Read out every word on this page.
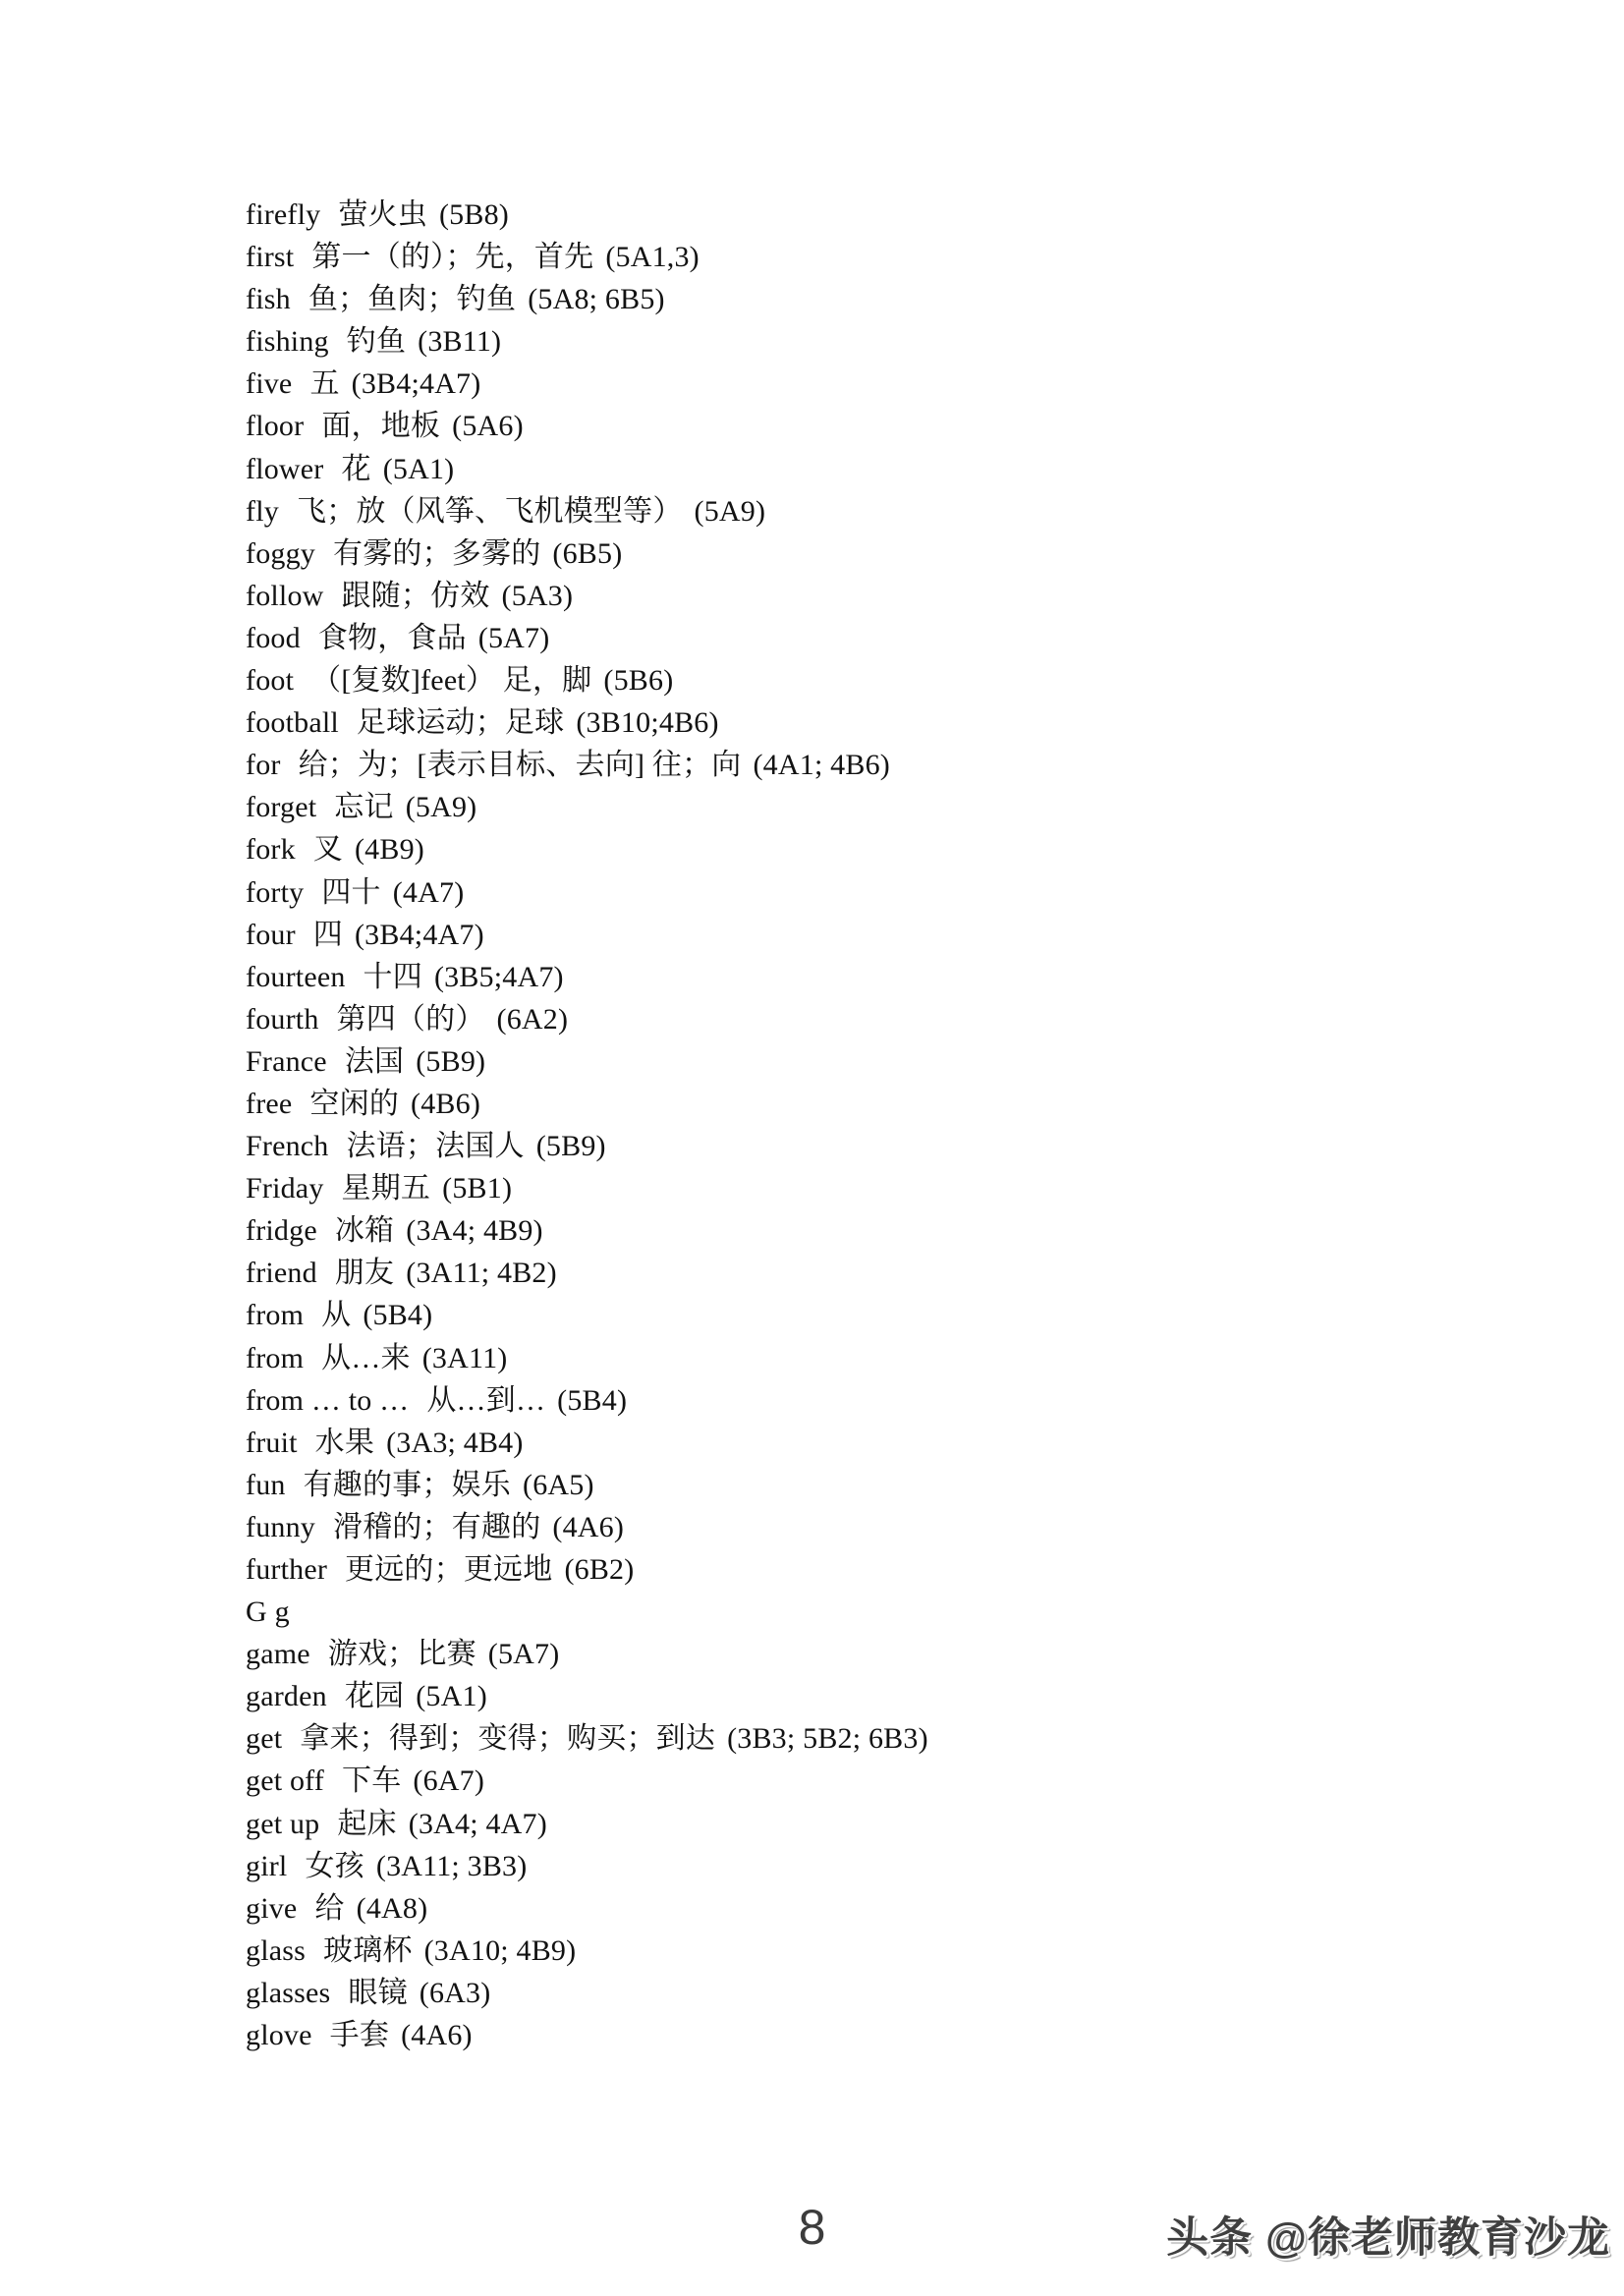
firefly 萤火虫 (5B8)
first 第一（的）；先，首先 (5A1,3)
fish 鱼；鱼肉；钓鱼 (5A8; 6B5)
fishing 钓鱼 (3B11)
five 五 (3B4;4A7)
floor 面，地板 (5A6)
flower 花 (5A1)
fly 飞；放（风筝、飞机模型等） (5A9)
foggy 有雾的；多雾的 (6B5)
follow 跟随；仿效 (5A3)
food 食物，食品 (5A7)
foot （[复数]feet） 足，脚 (5B6)
football 足球运动；足球 (3B10;4B6)
for 给；为；[表示目标、去向] 往；向 (4A1; 4B6)
forget 忘记 (5A9)
fork 叉 (4B9)
forty 四十 (4A7)
four 四 (3B4;4A7)
fourteen 十四 (3B5;4A7)
fourth 第四（的） (6A2)
France 法国 (5B9)
free 空闲的 (4B6)
French 法语；法国人 (5B9)
Friday 星期五 (5B1)
fridge 冰箱 (3A4; 4B9)
friend 朋友 (3A11; 4B2)
from 从 (5B4)
from 从…来 (3A11)
from … to … 从…到… (5B4)
fruit 水果 (3A3; 4B4)
fun 有趣的事；娱乐 (6A5)
funny 滑稽的；有趣的 (4A6)
further 更远的；更远地 (6B2)
G g
game 游戏；比赛 (5A7)
garden 花园 (5A1)
get 拿来；得到；变得；购买；到达 (3B3; 5B2; 6B3)
get off 下车 (6A7)
get up 起床 (3A4; 4A7)
girl 女孩 (3A11; 3B3)
give 给 (4A8)
glass 玻璃杯 (3A10; 4B9)
glasses 眼镜 (6A3)
glove 手套 (4A6)
8	头条 @徐老师教育沙龙
